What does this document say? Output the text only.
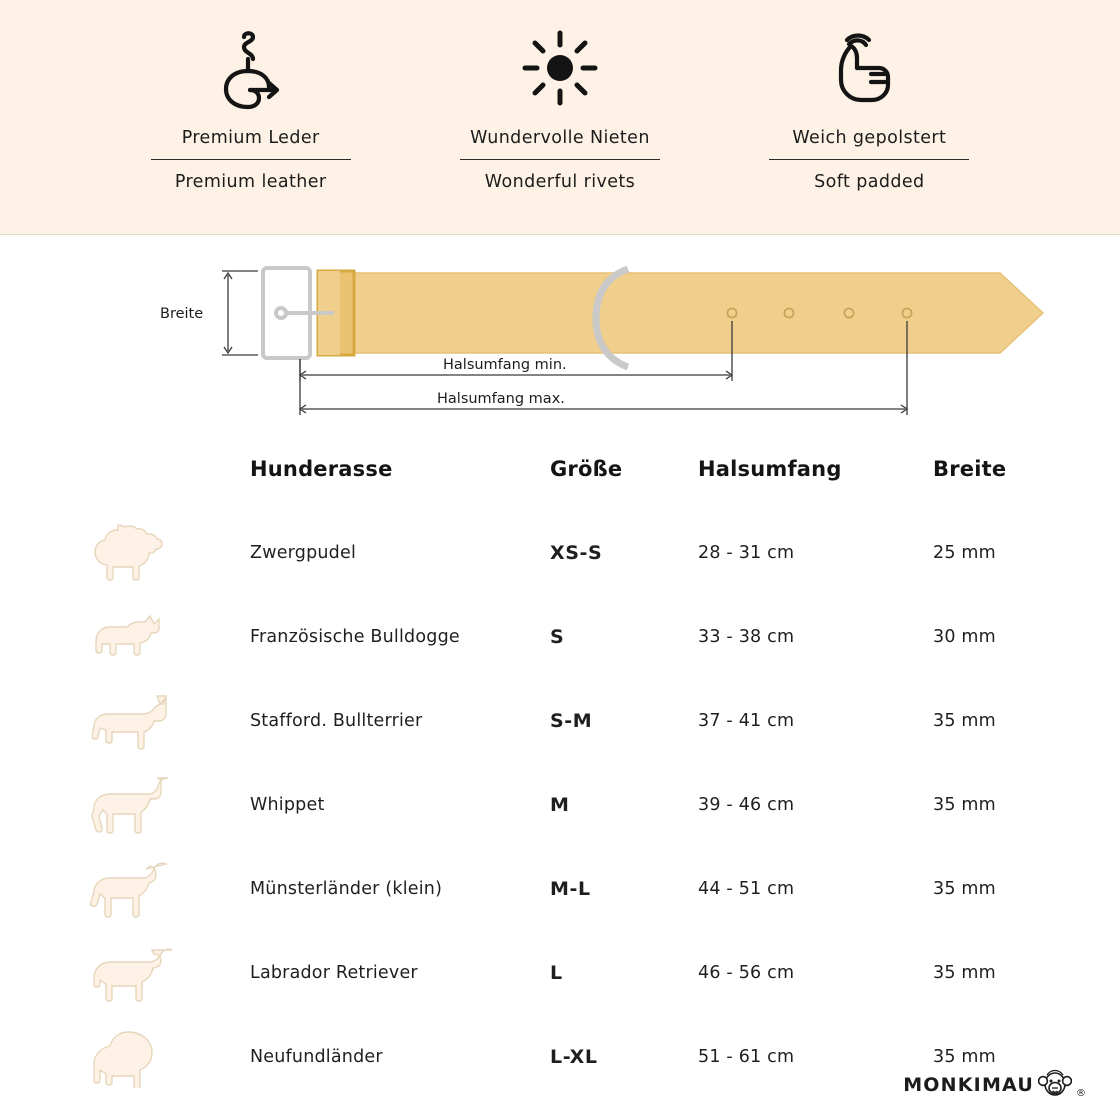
Premium Leder
Premium leather
Wundervolle Nieten
Wonderful rivets
Weich gepolstert
Soft padded
Breite
Halsumfang min.
Halsumfang max.
	Hunderasse	Größe	Halsumfang	Breite

	Zwergpudel	XS-S	28 - 31 cm	25 mm

	Französische Bulldogge	S	33 - 38 cm	30 mm

	Stafford. Bullterrier	S-M	37 - 41 cm	35 mm

	Whippet	M	39 - 46 cm	35 mm

	Münsterländer (klein)	M-L	44 - 51 cm	35 mm

	Labrador Retriever	L	46 - 56 cm	35 mm

	Neufundländer	L-XL	51 - 61 cm	35 mm
MONKIMAU	®
